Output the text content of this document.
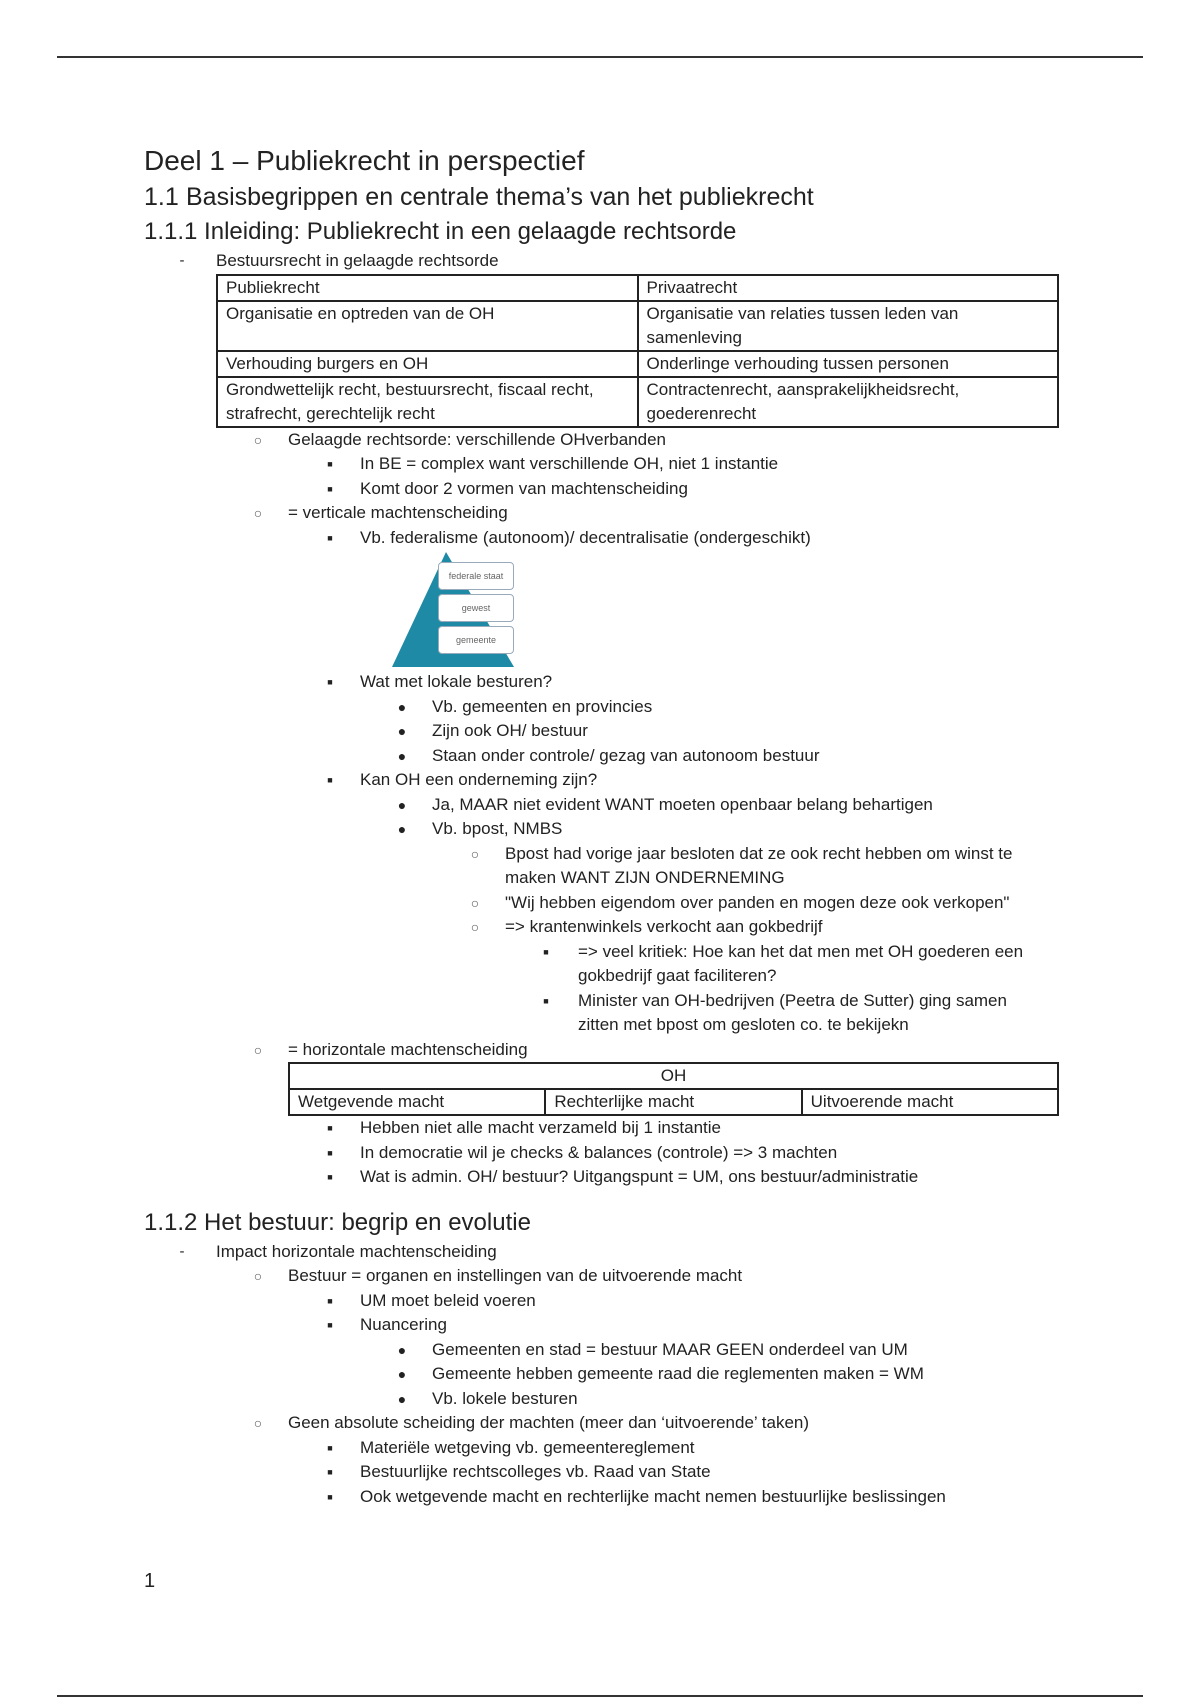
Deel 1 – Publiekrecht in perspectief
1.1 Basisbegrippen en centrale thema’s van het publiekrecht
1.1.1 Inleiding: Publiekrecht in een gelaagde rechtsorde
-	Bestuursrecht in gelaagde rechtsorde
Publiekrecht	Privaatrecht
Organisatie en optreden van de OH	Organisatie van relaties tussen leden van samenleving
Verhouding burgers en OH	Onderlinge verhouding tussen personen
Grondwettelijk recht, bestuursrecht, fiscaal recht, strafrecht, gerechtelijk recht	Contractenrecht, aansprakelijkheidsrecht, goederenrecht
○	Gelaagde rechtsorde: verschillende OHverbanden
■	In BE = complex want verschillende OH, niet 1 instantie
■	Komt door 2 vormen van machtenscheiding
○	= verticale machtenscheiding
■	Vb. federalisme (autonoom)/ decentralisatie (ondergeschikt)
federale staat
gewest
gemeente
■	Wat met lokale besturen?
●	Vb. gemeenten en provincies
●	Zijn ook OH/ bestuur
●	Staan onder controle/ gezag van autonoom bestuur
■	Kan OH een onderneming zijn?
●	Ja, MAAR niet evident WANT moeten openbaar belang behartigen
●	Vb. bpost, NMBS
○	Bpost had vorige jaar besloten dat ze ook recht hebben om winst te maken WANT ZIJN ONDERNEMING
○	"Wij hebben eigendom over panden en mogen deze ook verkopen"
○	=> krantenwinkels verkocht aan gokbedrijf
■	=> veel kritiek: Hoe kan het dat men met OH goederen een gokbedrijf gaat faciliteren?
■	Minister van OH-bedrijven (Peetra de Sutter) ging samen zitten met bpost om gesloten co. te bekijekn
○	= horizontale machtenscheiding
OH
Wetgevende macht	Rechterlijke macht	Uitvoerende macht
■	Hebben niet alle macht verzameld bij 1 instantie
■	In democratie wil je checks & balances (controle) => 3 machten
■	Wat is admin. OH/ bestuur? Uitgangspunt = UM, ons bestuur/administratie
1.1.2 Het bestuur: begrip en evolutie
-	Impact horizontale machtenscheiding
○	Bestuur = organen en instellingen van de uitvoerende macht
■	UM moet beleid voeren
■	Nuancering
●	Gemeenten en stad = bestuur MAAR GEEN onderdeel van UM
●	Gemeente hebben gemeente raad die reglementen maken = WM
●	Vb. lokele besturen
○	Geen absolute scheiding der machten (meer dan ‘uitvoerende’ taken)
■	Materiële wetgeving vb. gemeentereglement
■	Bestuurlijke rechtscolleges vb. Raad van State
■	Ook wetgevende macht en rechterlijke macht nemen bestuurlijke beslissingen
1
